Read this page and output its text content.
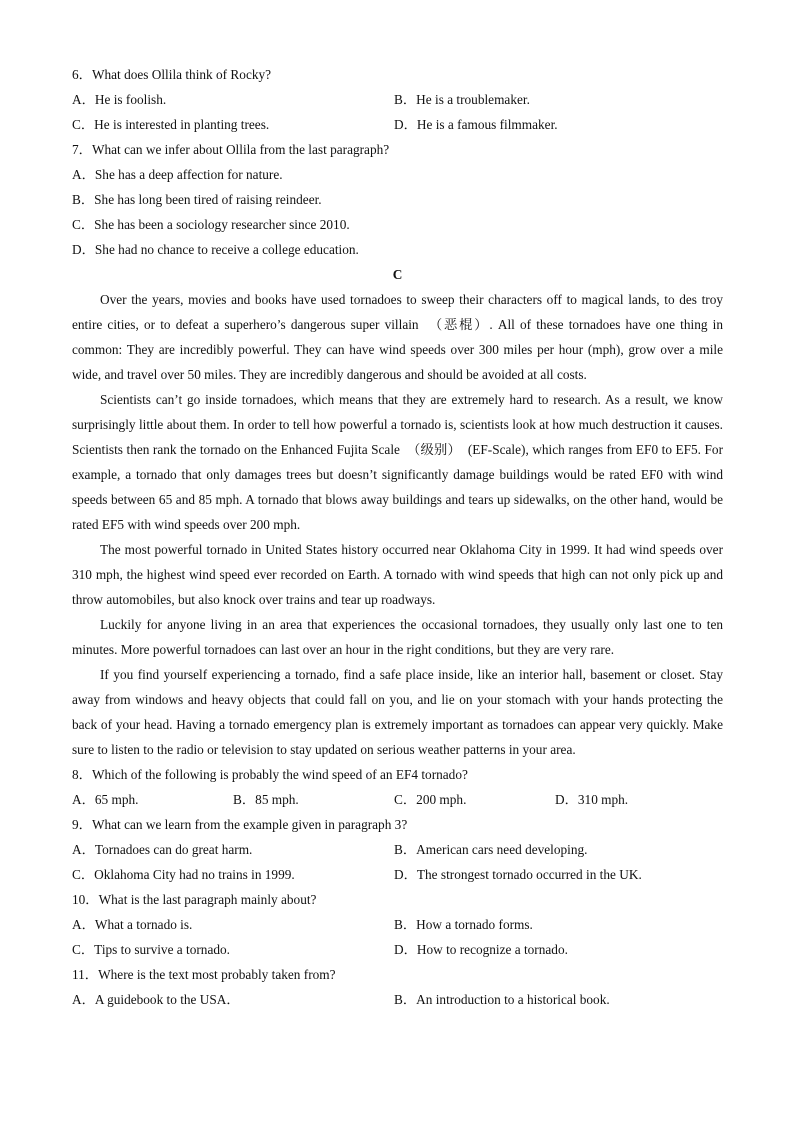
6．What does Ollila think of Rocky?
A．He is foolish.	B．He is a troublemaker.
C．He is interested in planting trees.	D．He is a famous filmmaker.
7．What can we infer about Ollila from the last paragraph?
A．She has a deep affection for nature.
B．She has long been tired of raising reindeer.
C．She has been a sociology researcher since 2010.
D．She had no chance to receive a college education.
C

Over the years, movies and books have used tornadoes to sweep their characters off to magical lands, to des troy entire cities, or to defeat a superhero’s dangerous super villain　（恶棍）. All of these tornadoes have one thing in common: They are incredibly powerful. They can have wind speeds over 300 miles per hour (mph), grow over a mile wide, and travel over 50 miles. They are incredibly dangerous and should be avoided at all costs.

Scientists can’t go inside tornadoes, which means that they are extremely hard to research. As a result, we know surprisingly little about them. In order to tell how powerful a tornado is, scientists look at how much destruction it causes. Scientists then rank the tornado on the Enhanced Fujita Scale　（级别）　(EF-Scale), which ranges from EF0 to EF5. For example, a tornado that only damages trees but doesn’t significantly damage buildings would be rated EF0 with wind speeds between 65 and 85 mph. A tornado that blows away buildings and tears up sidewalks, on the other hand, would be rated EF5 with wind speeds over 200 mph.

The most powerful tornado in United States history occurred near Oklahoma City in 1999. It had wind speeds over 310 mph, the highest wind speed ever recorded on Earth. A tornado with wind speeds that high can not only pick up and throw automobiles, but also knock over trains and tear up roadways.

Luckily for anyone living in an area that experiences the occasional tornadoes, they usually only last one to ten minutes. More powerful tornadoes can last over an hour in the right conditions, but they are very rare.

If you find yourself experiencing a tornado, find a safe place inside, like an interior hall, basement or closet. Stay away from windows and heavy objects that could fall on you, and lie on your stomach with your hands protecting the back of your head. Having a tornado emergency plan is extremely important as tornadoes can appear very quickly. Make sure to listen to the radio or television to stay updated on serious weather patterns in your area.

8．Which of the following is probably the wind speed of an EF4 tornado?
A．65 mph.	B．85 mph.	C．200 mph.	D．310 mph.
9．What can we learn from the example given in paragraph 3?
A．Tornadoes can do great harm.	B．American cars need developing.
C．Oklahoma City had no trains in 1999.	D．The strongest tornado occurred in the UK.
10．What is the last paragraph mainly about?
A．What a tornado is.	B．How a tornado forms.
C．Tips to survive a tornado.	D．How to recognize a tornado.
11．Where is the text most probably taken from?
A．A guidebook to the USA．	B．An introduction to a historical book.
